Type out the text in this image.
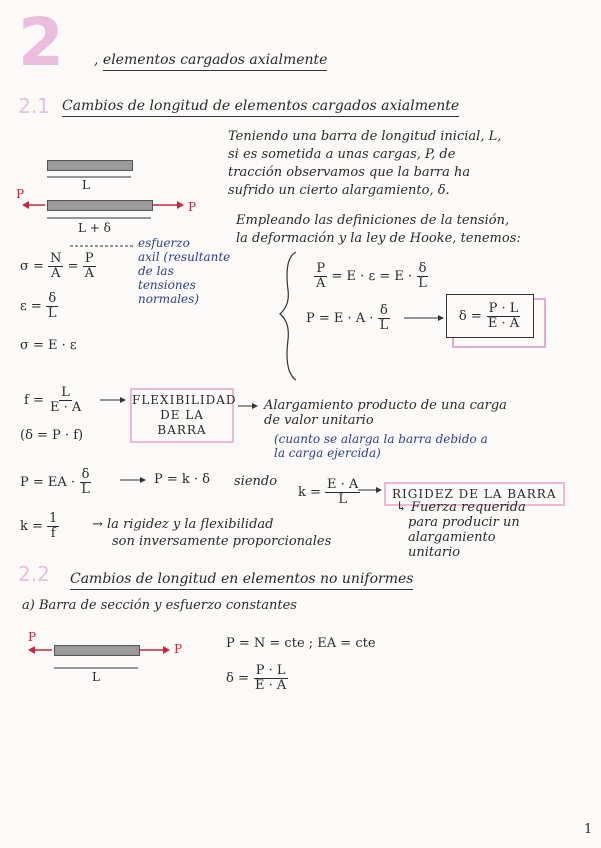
2 , elementos cargados axialmente
2.1 Cambios de longitud de elementos cargados axialmente
Teniendo una barra de longitud inicial, L,
si es sometida a unas cargas, P, de
tracción observamos que la barra ha
sufrido un cierto alargamiento, δ.
L
P
P
L + δ	Empleando las definiciones de la tensión,
la deformación y la ley de Hooke, tenemos:
$\sigma = \frac{N}{A} = \frac{P}{A}$
esfuerzo
axil (resultante
de las
tensiones
normales)
$\varepsilon = \frac{\delta}{L}$
σ = E · ε
$\frac{P}{A} = E \cdot \varepsilon = E \cdot \frac{\delta}{L}$
$P = E \cdot A \cdot \frac{\delta}{L}$	δ =
$\frac{P \cdot L}{E \cdot A}$
$f = \frac{L}{E \cdot A}$	FLEXIBILIDAD
DE LA
BARRA
Alargamiento producto de una carga
de valor unitario
(cuanto se alarga la barra debido a
la carga ejercida)
(δ = P · f)
P = EA · $\frac{\delta}{L}$	P = k · δ siendo
$k = \frac{E \cdot A}{L}$	RIGIDEZ DE LA BARRA
↳ Fuerza requerida
para producir un
alargamiento
unitario
$k = \frac{1}{f}$	→ la rigidez y la flexibilidad
son inversamente proporcionales
2.2 Cambios de longitud en elementos no uniformes
a) Barra de sección y esfuerzo constantes
P
P
L
P = N = cte ; EA = cte
$\delta = \frac{P \cdot L}{E \cdot A}$
1
